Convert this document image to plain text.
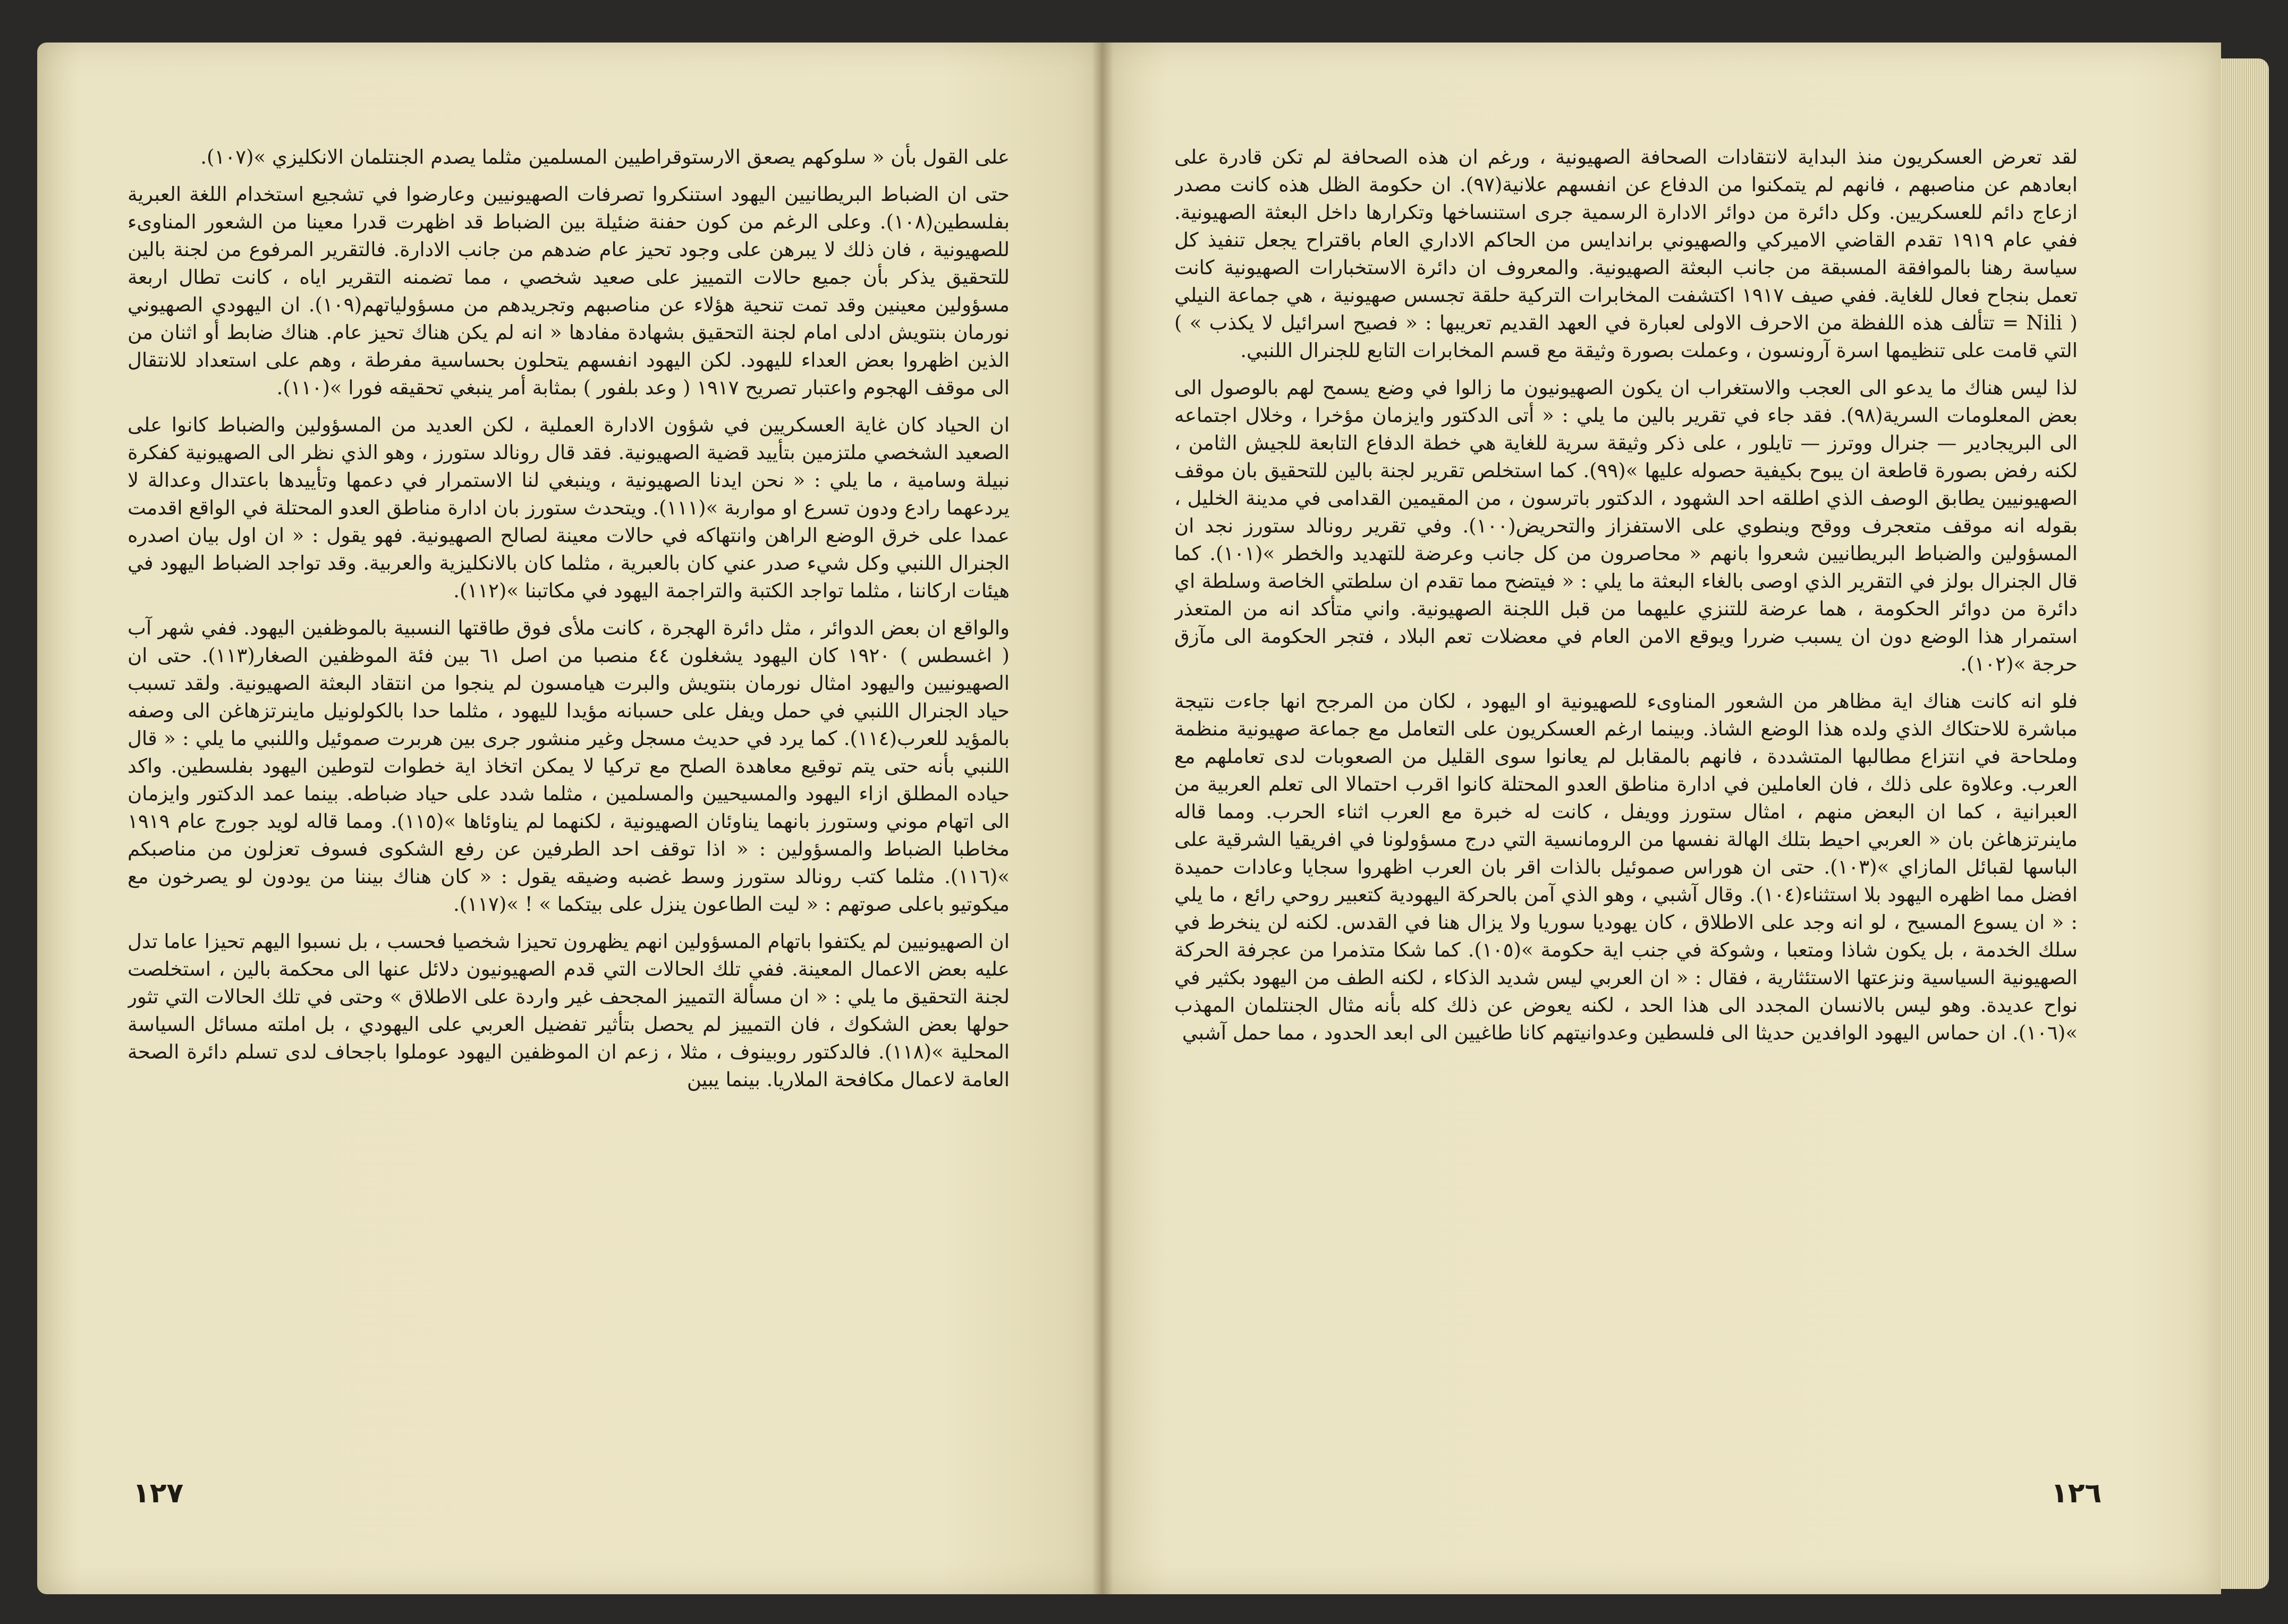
على القول بأن « سلوكهم يصعق الارستوقراطيين المسلمين مثلما يصدم الجنتلمان الانكليزي »(١٠٧).

حتى ان الضباط البريطانيين اليهود استنكروا تصرفات الصهيونيين وعارضوا في تشجيع استخدام اللغة العبرية بفلسطين(١٠٨). وعلى الرغم من كون حفنة ضئيلة بين الضباط قد اظهرت قدرا معينا من الشعور المناوىء للصهيونية ، فان ذلك لا يبرهن على وجود تحيز عام ضدهم من جانب الادارة. فالتقرير المرفوع من لجنة بالين للتحقيق يذكر بأن جميع حالات التمييز على صعيد شخصي ، مما تضمنه التقرير اياه ، كانت تطال اربعة مسؤولين معينين وقد تمت تنحية هؤلاء عن مناصبهم وتجريدهم من مسؤولياتهم(١٠٩). ان اليهودي الصهيوني نورمان بنتويش ادلى امام لجنة التحقيق بشهادة مفادها « انه لم يكن هناك تحيز عام. هناك ضابط أو اثنان من الذين اظهروا بعض العداء لليهود. لكن اليهود انفسهم يتحلون بحساسية مفرطة ، وهم على استعداد للانتقال الى موقف الهجوم واعتبار تصريح ١٩١٧ ( وعد بلفور ) بمثابة أمر ينبغي تحقيقه فورا »(١١٠).

ان الحياد كان غاية العسكريين في شؤون الادارة العملية ، لكن العديد من المسؤولين والضباط كانوا على الصعيد الشخصي ملتزمين بتأييد قضية الصهيونية. فقد قال رونالد ستورز ، وهو الذي نظر الى الصهيونية كفكرة نبيلة وسامية ، ما يلي : « نحن ايدنا الصهيونية ، وينبغي لنا الاستمرار في دعمها وتأييدها باعتدال وعدالة لا يردعهما رادع ودون تسرع او مواربة »(١١١). ويتحدث ستورز بان ادارة مناطق العدو المحتلة في الواقع اقدمت عمدا على خرق الوضع الراهن وانتهاكه في حالات معينة لصالح الصهيونية. فهو يقول : « ان اول بيان اصدره الجنرال اللنبي وكل شيء صدر عني كان بالعبرية ، مثلما كان بالانكليزية والعربية. وقد تواجد الضباط اليهود في هيئات اركاننا ، مثلما تواجد الكتبة والتراجمة اليهود في مكاتبنا »(١١٢).

والواقع ان بعض الدوائر ، مثل دائرة الهجرة ، كانت ملأى فوق طاقتها النسبية بالموظفين اليهود. ففي شهر آب ( اغسطس ) ١٩٢٠ كان اليهود يشغلون ٤٤ منصبا من اصل ٦١ بين فئة الموظفين الصغار(١١٣). حتى ان الصهيونيين واليهود امثال نورمان بنتويش والبرت هيامسون لم ينجوا من انتقاد البعثة الصهيونية. ولقد تسبب حياد الجنرال اللنبي في حمل ويفل على حسبانه مؤيدا لليهود ، مثلما حدا بالكولونيل ماينرتزهاغن الى وصفه بالمؤيد للعرب(١١٤). كما يرد في حديث مسجل وغير منشور جرى بين هربرت صموئيل واللنبي ما يلي : « قال اللنبي بأنه حتى يتم توقيع معاهدة الصلح مع تركيا لا يمكن اتخاذ اية خطوات لتوطين اليهود بفلسطين. واكد حياده المطلق ازاء اليهود والمسيحيين والمسلمين ، مثلما شدد على حياد ضباطه. بينما عمد الدكتور وايزمان الى اتهام موني وستورز بانهما يناوئان الصهيونية ، لكنهما لم يناوئاها »(١١٥). ومما قاله لويد جورج عام ١٩١٩ مخاطبا الضباط والمسؤولين : « اذا توقف احد الطرفين عن رفع الشكوى فسوف تعزلون من مناصبكم »(١١٦). مثلما كتب رونالد ستورز وسط غضبه وضيقه يقول : « كان هناك بيننا من يودون لو يصرخون مع ميكوتيو باعلى صوتهم : « ليت الطاعون ينزل على بيتكما » ! »(١١٧).

ان الصهيونيين لم يكتفوا باتهام المسؤولين انهم يظهرون تحيزا شخصيا فحسب ، بل نسبوا اليهم تحيزا عاما تدل عليه بعض الاعمال المعينة. ففي تلك الحالات التي قدم الصهيونيون دلائل عنها الى محكمة بالين ، استخلصت لجنة التحقيق ما يلي : « ان مسألة التمييز المجحف غير واردة على الاطلاق » وحتى في تلك الحالات التي تثور حولها بعض الشكوك ، فان التمييز لم يحصل بتأثير تفضيل العربي على اليهودي ، بل املته مسائل السياسة المحلية »(١١٨). فالدكتور روبينوف ، مثلا ، زعم ان الموظفين اليهود عوملوا باجحاف لدى تسلم دائرة الصحة العامة لاعمال مكافحة الملاريا. بينما يبين

١٢٧

لقد تعرض العسكريون منذ البداية لانتقادات الصحافة الصهيونية ، ورغم ان هذه الصحافة لم تكن قادرة على ابعادهم عن مناصبهم ، فانهم لم يتمكنوا من الدفاع عن انفسهم علانية(٩٧). ان حكومة الظل هذه كانت مصدر ازعاج دائم للعسكريين. وكل دائرة من دوائر الادارة الرسمية جرى استنساخها وتكرارها داخل البعثة الصهيونية. ففي عام ١٩١٩ تقدم القاضي الاميركي والصهيوني براندايس من الحاكم الاداري العام باقتراح يجعل تنفيذ كل سياسة رهنا بالموافقة المسبقة من جانب البعثة الصهيونية. والمعروف ان دائرة الاستخبارات الصهيونية كانت تعمل بنجاح فعال للغاية. ففي صيف ١٩١٧ اكتشفت المخابرات التركية حلقة تجسس صهيونية ، هي جماعة النيلي ( Nili = تتألف هذه اللفظة من الاحرف الاولى لعبارة في العهد القديم تعريبها : « فصيح اسرائيل لا يكذب » ) التي قامت على تنظيمها اسرة آرونسون ، وعملت بصورة وثيقة مع قسم المخابرات التابع للجنرال اللنبي.

لذا ليس هناك ما يدعو الى العجب والاستغراب ان يكون الصهيونيون ما زالوا في وضع يسمح لهم بالوصول الى بعض المعلومات السرية(٩٨). فقد جاء في تقرير بالين ما يلي : « أتى الدكتور وايزمان مؤخرا ، وخلال اجتماعه الى البريجادير — جنرال ووترز — تايلور ، على ذكر وثيقة سرية للغاية هي خطة الدفاع التابعة للجيش الثامن ، لكنه رفض بصورة قاطعة ان يبوح بكيفية حصوله عليها »(٩٩). كما استخلص تقرير لجنة بالين للتحقيق بان موقف الصهيونيين يطابق الوصف الذي اطلقه احد الشهود ، الدكتور باترسون ، من المقيمين القدامى في مدينة الخليل ، بقوله انه موقف متعجرف ووقح وينطوي على الاستفزاز والتحريض(١٠٠). وفي تقرير رونالد ستورز نجد ان المسؤولين والضباط البريطانيين شعروا بانهم « محاصرون من كل جانب وعرضة للتهديد والخطر »(١٠١). كما قال الجنرال بولز في التقرير الذي اوصى بالغاء البعثة ما يلي : « فيتضح مما تقدم ان سلطتي الخاصة وسلطة اي دائرة من دوائر الحكومة ، هما عرضة للتنزي عليهما من قبل اللجنة الصهيونية. واني متأكد انه من المتعذر استمرار هذا الوضع دون ان يسبب ضررا ويوقع الامن العام في معضلات تعم البلاد ، فتجر الحكومة الى مآزق حرجة »(١٠٢).

فلو انه كانت هناك اية مظاهر من الشعور المناوىء للصهيونية او اليهود ، لكان من المرجح انها جاءت نتيجة مباشرة للاحتكاك الذي ولده هذا الوضع الشاذ. وبينما ارغم العسكريون على التعامل مع جماعة صهيونية منظمة وملحاحة في انتزاع مطالبها المتشددة ، فانهم بالمقابل لم يعانوا سوى القليل من الصعوبات لدى تعاملهم مع العرب. وعلاوة على ذلك ، فان العاملين في ادارة مناطق العدو المحتلة كانوا اقرب احتمالا الى تعلم العربية من العبرانية ، كما ان البعض منهم ، امثال ستورز وويفل ، كانت له خبرة مع العرب اثناء الحرب. ومما قاله ماينرتزهاغن بان « العربي احيط بتلك الهالة نفسها من الرومانسية التي درج مسؤولونا في افريقيا الشرقية على الباسها لقبائل المازاي »(١٠٣). حتى ان هوراس صموئيل بالذات اقر بان العرب اظهروا سجايا وعادات حميدة افضل مما اظهره اليهود بلا استثناء(١٠٤). وقال آشبي ، وهو الذي آمن بالحركة اليهودية كتعبير روحي رائع ، ما يلي : « ان يسوع المسيح ، لو انه وجد على الاطلاق ، كان يهوديا سوريا ولا يزال هنا في القدس. لكنه لن ينخرط في سلك الخدمة ، بل يكون شاذا ومتعبا ، وشوكة في جنب اية حكومة »(١٠٥). كما شكا متذمرا من عجرفة الحركة الصهيونية السياسية ونزعتها الاستئثارية ، فقال : « ان العربي ليس شديد الذكاء ، لكنه الطف من اليهود بكثير في نواح عديدة. وهو ليس بالانسان المجدد الى هذا الحد ، لكنه يعوض عن ذلك كله بأنه مثال الجنتلمان المهذب »(١٠٦). ان حماس اليهود الوافدين حديثا الى فلسطين وعدوانيتهم كانا طاغيين الى ابعد الحدود ، مما حمل آشبي

١٢٦
